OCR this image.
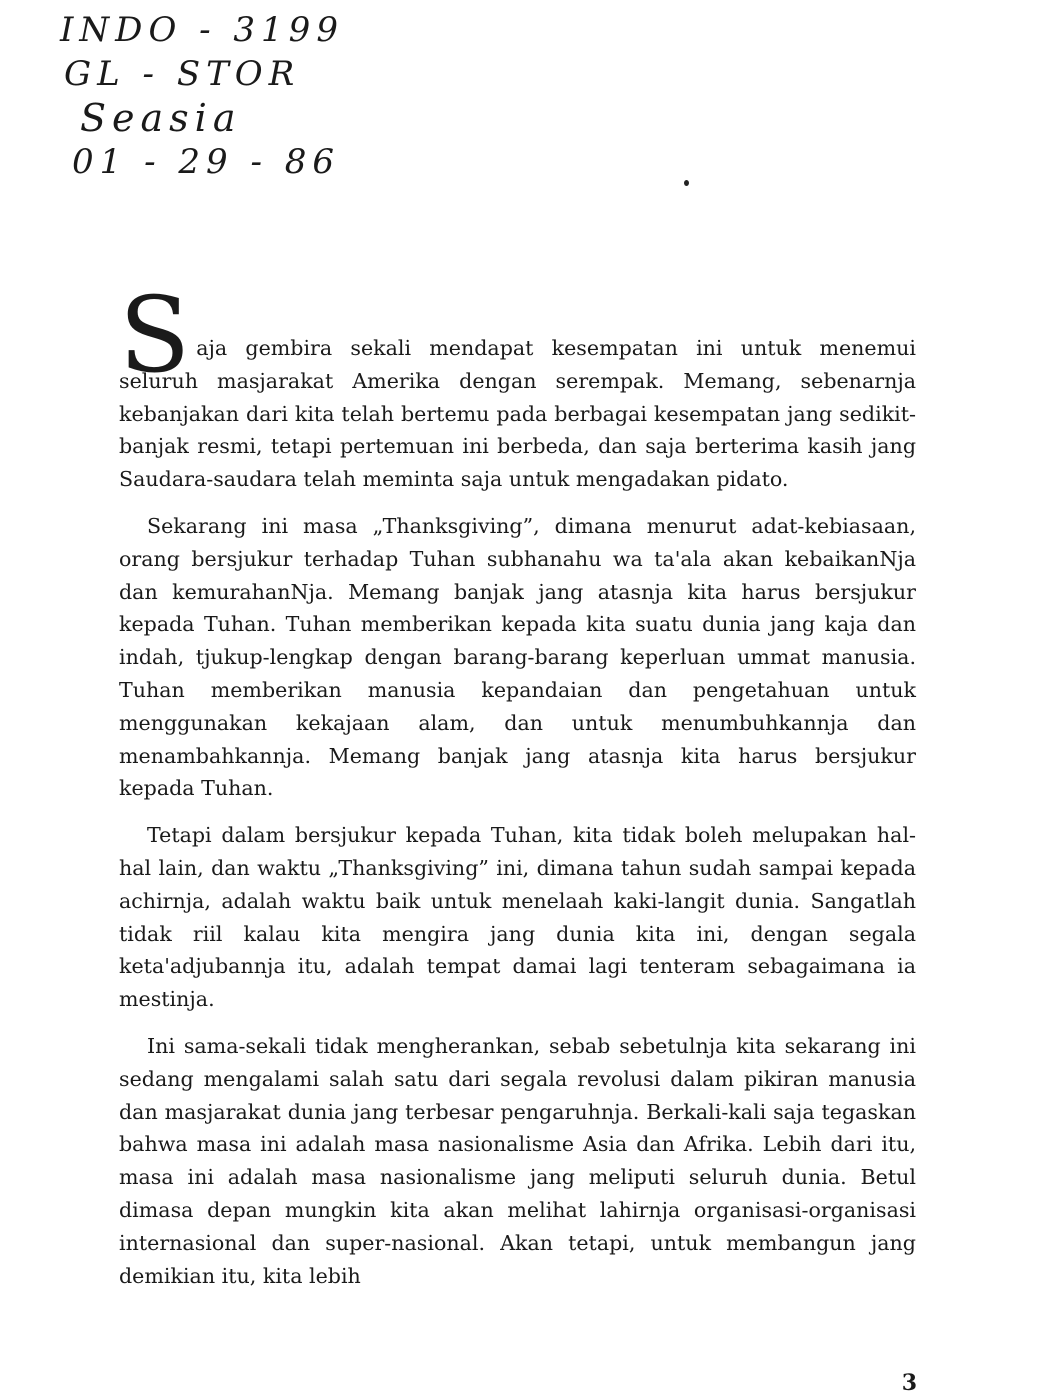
INDO - 3199
GL - STOR
Seasia
01 - 29 - 86

Saja gembira sekali mendapat kesempatan ini untuk menemui seluruh masjarakat Amerika dengan serempak. Memang, sebenarnja kebanjakan dari kita telah bertemu pada berbagai kesempatan jang sedikit-banjak resmi, tetapi pertemuan ini berbeda, dan saja berterima kasih jang Saudara-saudara telah meminta saja untuk mengadakan pidato.

Sekarang ini masa „Thanksgiving”, dimana menurut adat-kebiasaan, orang bersjukur terhadap Tuhan subhanahu wa ta'ala akan kebaikanNja dan kemurahanNja. Memang banjak jang atasnja kita harus bersjukur kepada Tuhan. Tuhan memberikan kepada kita suatu dunia jang kaja dan indah, tjukup-lengkap dengan barang-barang keperluan ummat manusia. Tuhan memberikan manusia kepandaian dan pengetahuan untuk menggunakan kekajaan alam, dan untuk menumbuhkannja dan menambahkannja. Memang banjak jang atasnja kita harus bersjukur kepada Tuhan.

Tetapi dalam bersjukur kepada Tuhan, kita tidak boleh melupakan hal-hal lain, dan waktu „Thanksgiving” ini, dimana tahun sudah sampai kepada achirnja, adalah waktu baik untuk menelaah kaki-langit dunia. Sangatlah tidak riil kalau kita mengira jang dunia kita ini, dengan segala keta'adjubannja itu, adalah tempat damai lagi tenteram sebagaimana ia mestinja.

Ini sama-sekali tidak mengherankan, sebab sebetulnja kita sekarang ini sedang mengalami salah satu dari segala revolusi dalam pikiran manusia dan masjarakat dunia jang terbesar pengaruhnja. Berkali-kali saja tegaskan bahwa masa ini adalah masa nasionalisme Asia dan Afrika. Lebih dari itu, masa ini adalah masa nasionalisme jang meliputi seluruh dunia. Betul dimasa depan mungkin kita akan melihat lahirnja organisasi-organisasi internasional dan super-nasional. Akan tetapi, untuk membangun jang demikian itu, kita lebih

3
